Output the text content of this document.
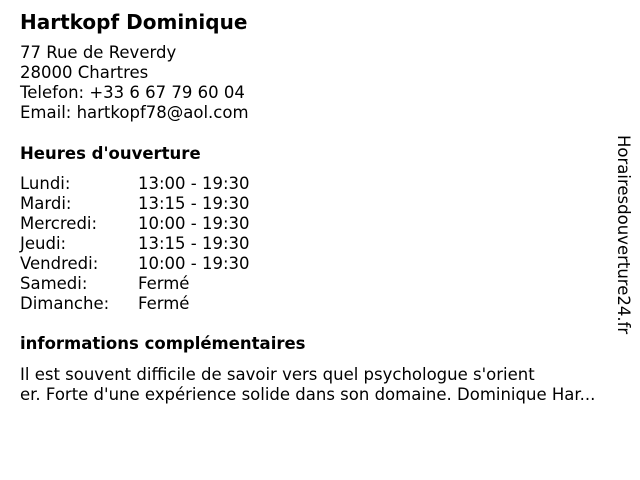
Hartkopf Dominique
77 Rue de Reverdy
28000 Chartres
Telefon: +33 6 67 79 60 04
Email: hartkopf78@aol.com
Heures d'ouverture
Lundi:	13:00 - 19:30
Mardi:	13:15 - 19:30
Mercredi: 10:00 - 19:30
Jeudi:	13:15 - 19:30
Vendredi: 10:00 - 19:30
Samedi:	Fermé
Dimanche: Fermé
informations complémentaires
Il est souvent difficile de savoir vers quel psychologue s'orient
er. Forte d'une expérience solide dans son domaine. Dominique Har...
Horairesdouverture24.fr
